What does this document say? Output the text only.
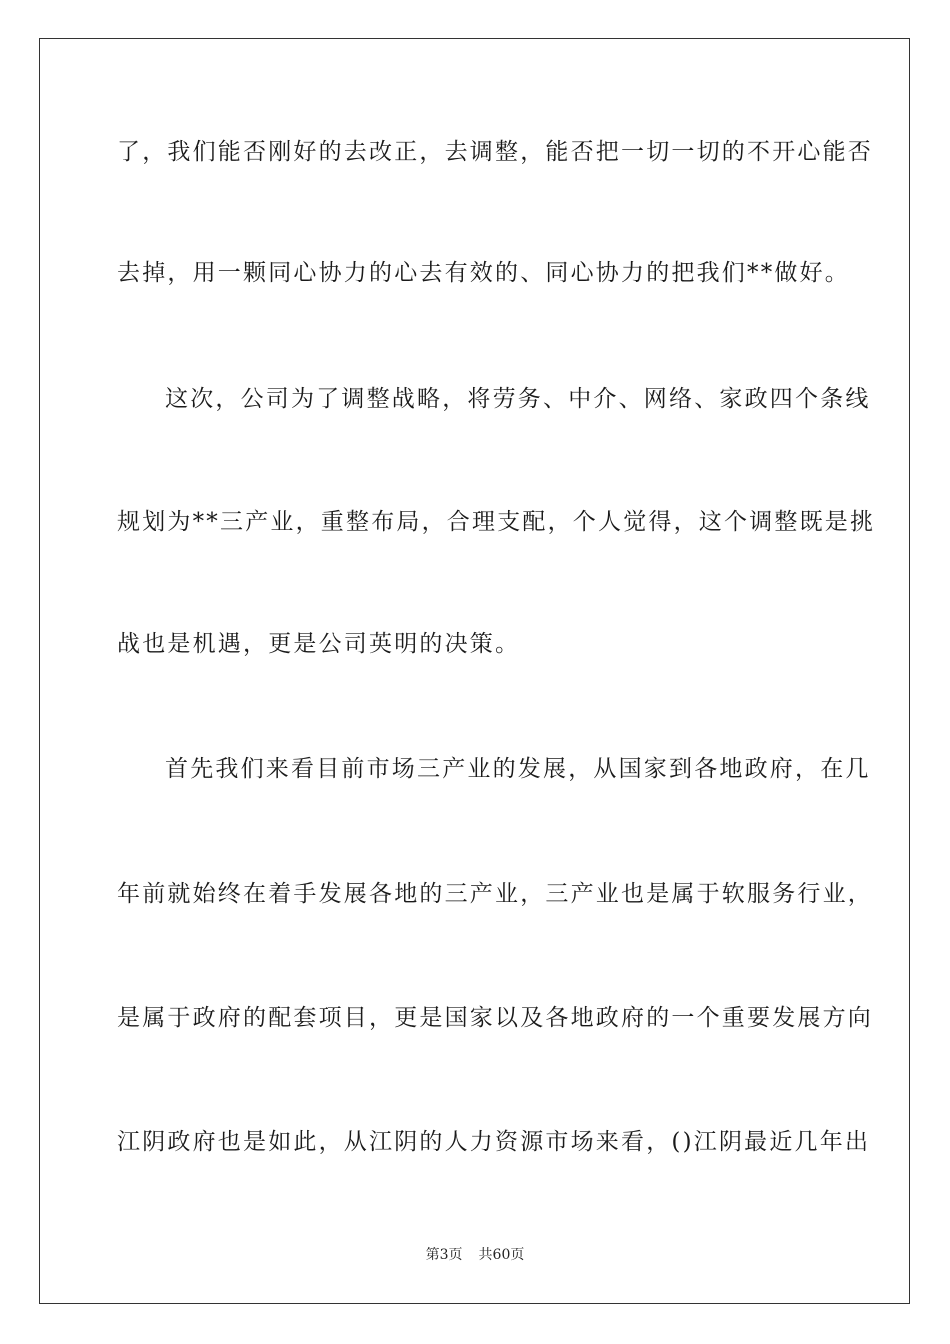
了，我们能否刚好的去改正，去调整，能否把一切一切的不开心能否
去掉，用一颗同心协力的心去有效的、同心协力的把我们**做好。
这次，公司为了调整战略，将劳务、中介、网络、家政四个条线
规划为**三产业，重整布局，合理支配，个人觉得，这个调整既是挑
战也是机遇，更是公司英明的决策。
首先我们来看目前市场三产业的发展，从国家到各地政府，在几
年前就始终在着手发展各地的三产业，三产业也是属于软服务行业，
是属于政府的配套项目，更是国家以及各地政府的一个重要发展方向
江阴政府也是如此，从江阴的人力资源市场来看，()江阴最近几年出
第3页 共60页
